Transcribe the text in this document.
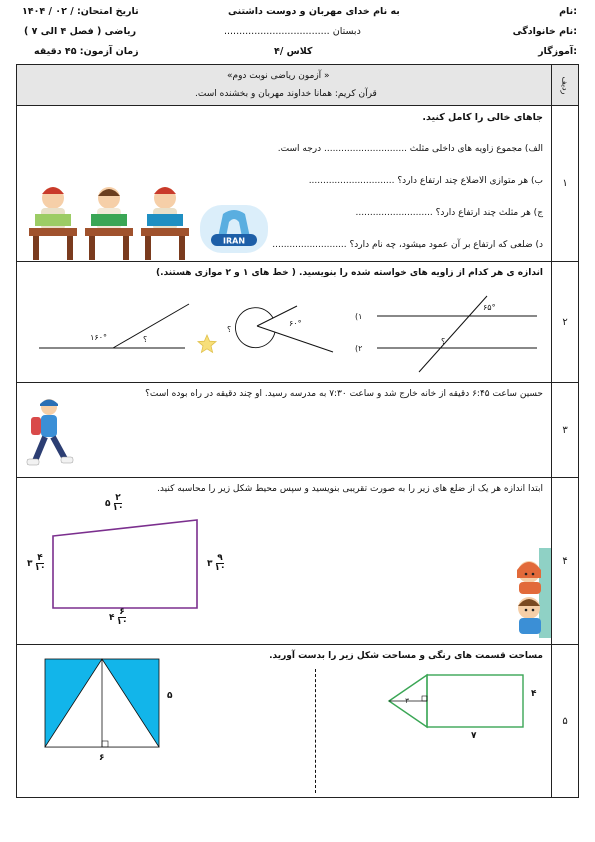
نام:
به نام خدای مهربان و دوست داشتنی
تاریخ امتحان: / ۰۲ / ۱۴۰۴
نام خانوادگی:
دبستان ...................................
ریاضی ( فصل ۴ الی ۷ )
آموزگار:
کلاس /۴
زمان آزمون: ۴۵ دقیقه
ردیف
« آزمون ریاضی نوبت دوم»
قرآن کریم: همانا خداوند مهربان و بخشنده است.
۱
جاهای خالی را کامل کنید.
الف) مجموع زاویه های داخلی مثلث ............................. درجه است.
ب) هر متوازی الاضلاع چند ارتفاع دارد؟ ..............................
ج) هر مثلث چند ارتفاع دارد؟ ...........................
د) ضلعی که ارتفاع بر آن عمود میشود، چه نام دارد؟ ..........................
IRAN
۲
اندازه ی هر کدام از زاویه های خواسته شده را بنویسید. ( خط های ۱ و ۲ موازی هستند.)
۱۶۰°	؟
۶۰°
؟
(۱
(۲
۶۵°
؟
۳
حسین ساعت ۶:۴۵ دقیقه از خانه خارج شد و ساعت ۷:۳۰ به مدرسه رسید. او چند دقیقه در راه بوده است؟
۴
ابتدا اندازه هر یک از ضلع های زیر را به صورت تقریبی بنویسید و سپس محیط شکل زیر را محاسبه کنید.
۵
۲
۱۰
۳
۴
۱۰	۳
۹
۱۰
۴
۶
۱۰
۵
مساحت قسمت های رنگی و مساحت شکل زیر را بدست آورید.
۳
۴
۷
۵
۶
